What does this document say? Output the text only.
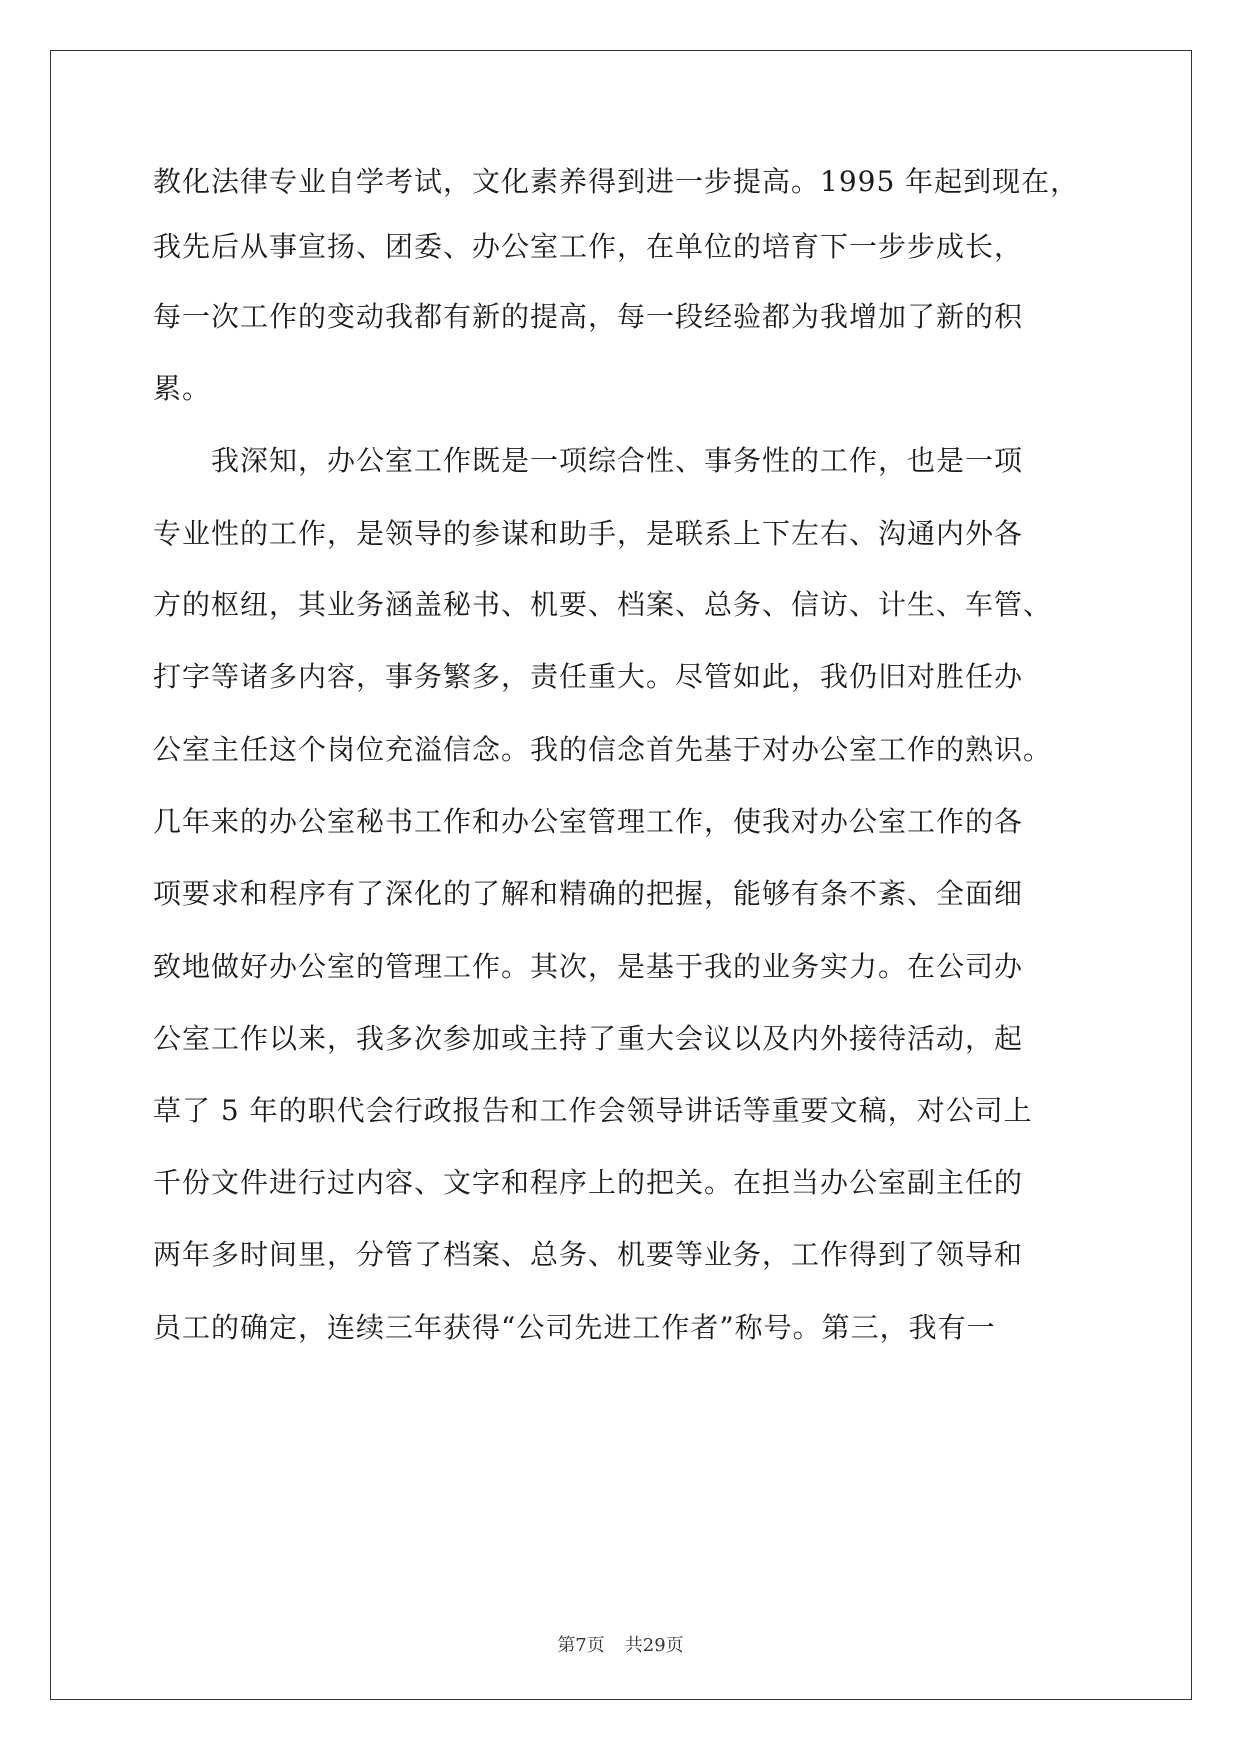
教化法律专业自学考试，文化素养得到进一步提高。1995 年起到现在，
我先后从事宣扬、团委、办公室工作，在单位的培育下一步步成长，
每一次工作的变动我都有新的提高，每一段经验都为我增加了新的积
累。
　　我深知，办公室工作既是一项综合性、事务性的工作，也是一项
专业性的工作，是领导的参谋和助手，是联系上下左右、沟通内外各
方的枢纽，其业务涵盖秘书、机要、档案、总务、信访、计生、车管、
打字等诸多内容，事务繁多，责任重大。尽管如此，我仍旧对胜任办
公室主任这个岗位充溢信念。我的信念首先基于对办公室工作的熟识。
几年来的办公室秘书工作和办公室管理工作，使我对办公室工作的各
项要求和程序有了深化的了解和精确的把握，能够有条不紊、全面细
致地做好办公室的管理工作。其次，是基于我的业务实力。在公司办
公室工作以来，我多次参加或主持了重大会议以及内外接待活动，起
草了 5 年的职代会行政报告和工作会领导讲话等重要文稿，对公司上
千份文件进行过内容、文字和程序上的把关。在担当办公室副主任的
两年多时间里，分管了档案、总务、机要等业务，工作得到了领导和
员工的确定，连续三年获得“公司先进工作者”称号。第三，我有一
第7页 共29页
